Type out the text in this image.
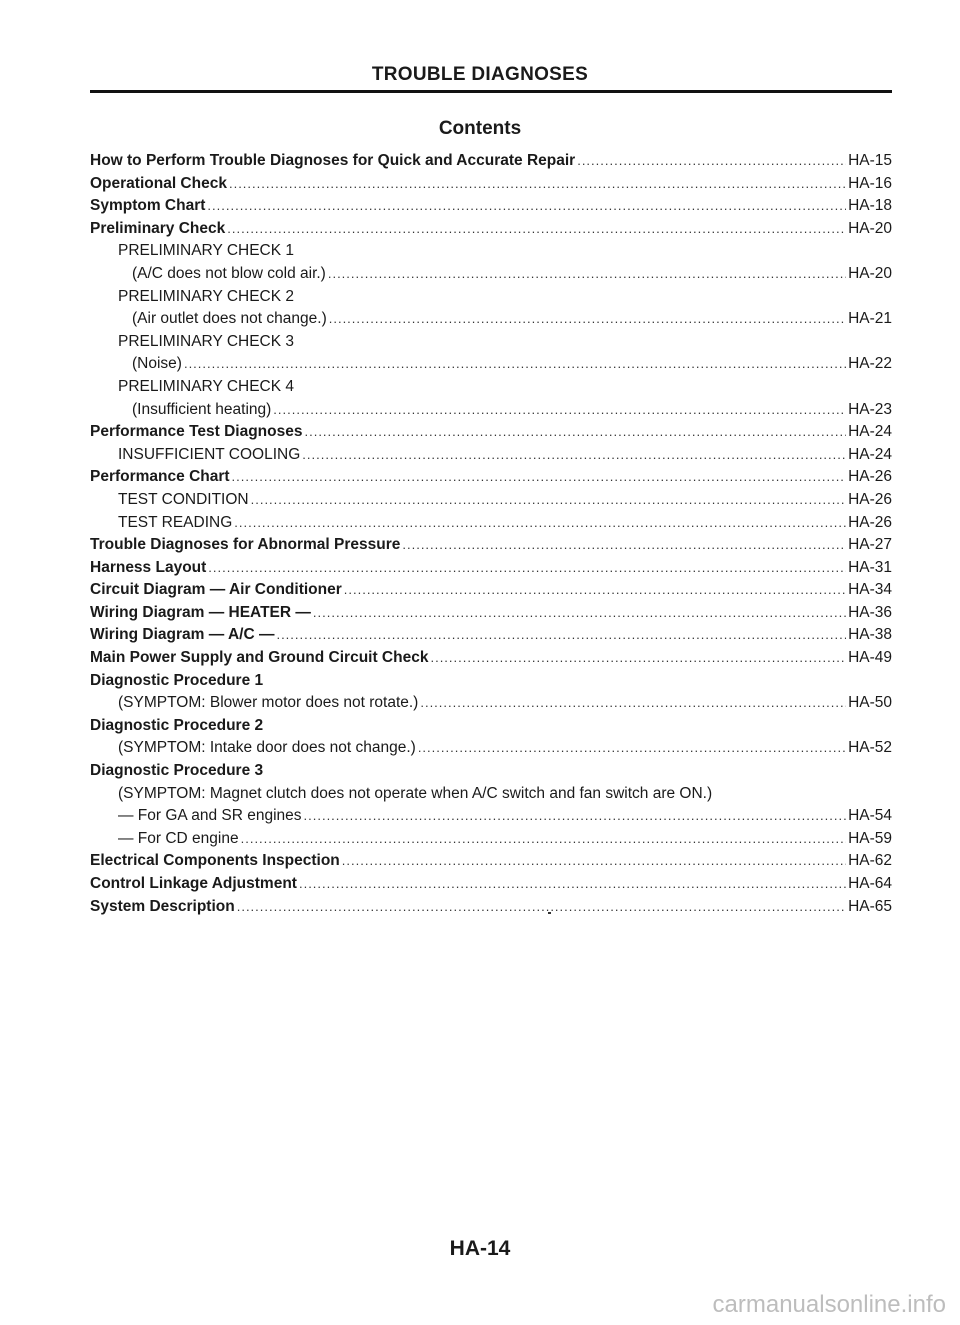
TROUBLE DIAGNOSES
Contents
How to Perform Trouble Diagnoses for Quick and Accurate Repair .....	HA-15
Operational Check .....	HA-16
Symptom Chart .....	HA-18
Preliminary Check .....	HA-20
PRELIMINARY CHECK 1
(A/C does not blow cold air.) .....	HA-20
PRELIMINARY CHECK 2
(Air outlet does not change.) .....	HA-21
PRELIMINARY CHECK 3
(Noise) .....	HA-22
PRELIMINARY CHECK 4
(Insufficient heating) .....	HA-23
Performance Test Diagnoses .....	HA-24
INSUFFICIENT COOLING .....	HA-24
Performance Chart .....	HA-26
TEST CONDITION .....	HA-26
TEST READING .....	HA-26
Trouble Diagnoses for Abnormal Pressure .....	HA-27
Harness Layout .....	HA-31
Circuit Diagram — Air Conditioner .....	HA-34
Wiring Diagram — HEATER — .....	HA-36
Wiring Diagram — A/C — .....	HA-38
Main Power Supply and Ground Circuit Check .....	HA-49
Diagnostic Procedure 1
(SYMPTOM: Blower motor does not rotate.) .....	HA-50
Diagnostic Procedure 2
(SYMPTOM: Intake door does not change.) .....	HA-52
Diagnostic Procedure 3
(SYMPTOM: Magnet clutch does not operate when A/C switch and fan switch are ON.)
— For GA and SR engines .....	HA-54
— For CD engine .....	HA-59
Electrical Components Inspection .....	HA-62
Control Linkage Adjustment .....	HA-64
System Description .....	HA-65
HA-14
carmanualsonline.info
